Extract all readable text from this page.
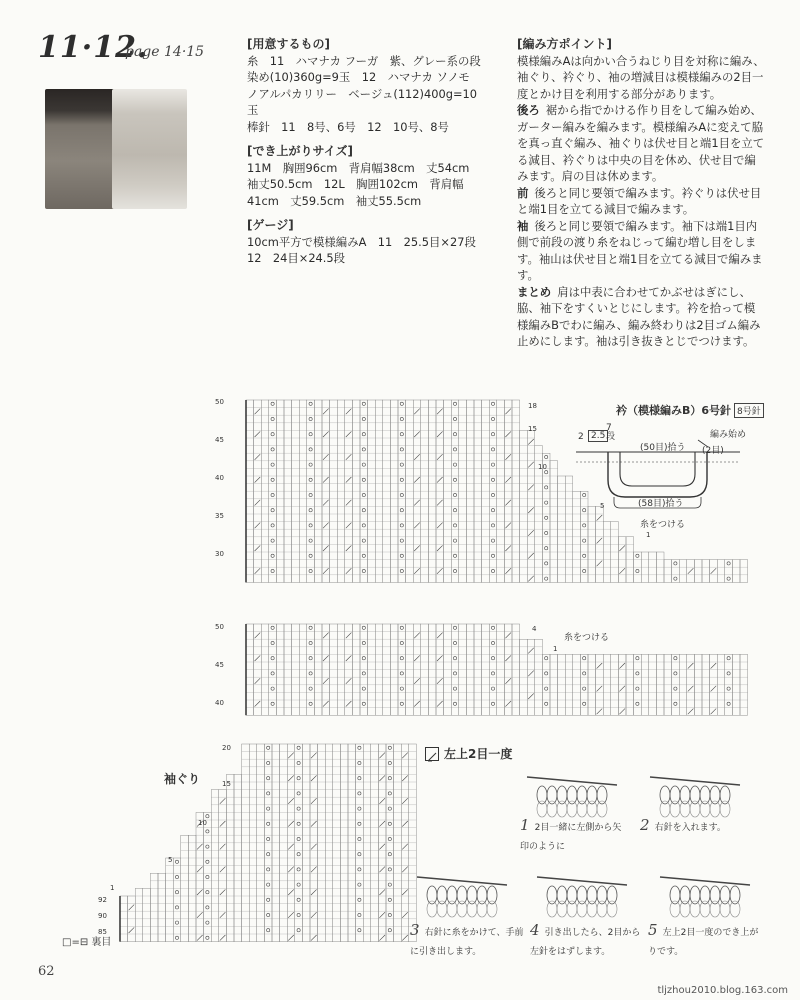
11·12.
page 14·15	[用意するもの]
糸　11　ハマナカ フーガ　紫、グレー系の段
染め(10)360g=9玉　12　ハマナカ ソノモ
ノアルパカリリー　ベージュ(112)400g=10
玉
棒針　11　8号、6号　12　10号、8号
[でき上がりサイズ]
11M　胸囲96cm　背肩幅38cm　丈54cm
袖丈50.5cm　12L　胸囲102cm　背肩幅
41cm　丈59.5cm　袖丈55.5cm
[ゲージ]
10cm平方で模様編みA　11　25.5目×27段
12　24目×24.5段
[編み方ポイント]
模様編みAは向かい合うねじり目を対称に編み、袖ぐり、衿ぐり、袖の増減目は模様編みの2目一度とかけ目を利用する部分があります。
後ろ 裾から指でかける作り目をして編み始め、ガーター編みを編みます。模様編みAに変えて脇を真っ直ぐ編み、袖ぐりは伏せ目と端1目を立てる減目、衿ぐりは中央の目を休め、伏せ目で編みます。肩の目は休めます。
前 後ろと同じ要領で編みます。衿ぐりは伏せ目と端1目を立てる減目で編みます。
袖 後ろと同じ要領で編みます。袖下は端1目内側で前段の渡り糸をねじって編む増し目をします。袖山は伏せ目と端1目を立てる減目で編みます。
まとめ 肩は中表に合わせてかぶせはぎにし、脇、袖下をすくいとじにします。衿を拾って模様編みBでわに編み、編み終わりは2目ゴム編み止めにします。袖は引き抜きとじでつけます。
50
45
40
35
30
18
15
10
5
1
糸をつける
50
45
40
4
1
糸をつける
袖ぐり
20
15
10
5
1
92
90
85
□=⊟ 裏目
衿（模様編みB）6号針 8号針
編み始め
(2目)
(50目)拾う
(58目)拾う
2 2.5
7段
左上2目一度
1 2目一緒に左側から矢印のように
2 右針を入れます。
3 右針に糸をかけて、手前に引き出します。
4 引き出したら、2目から左針をはずします。
5 左上2目一度のでき上がりです。
62
tljzhou2010.blog.163.com
